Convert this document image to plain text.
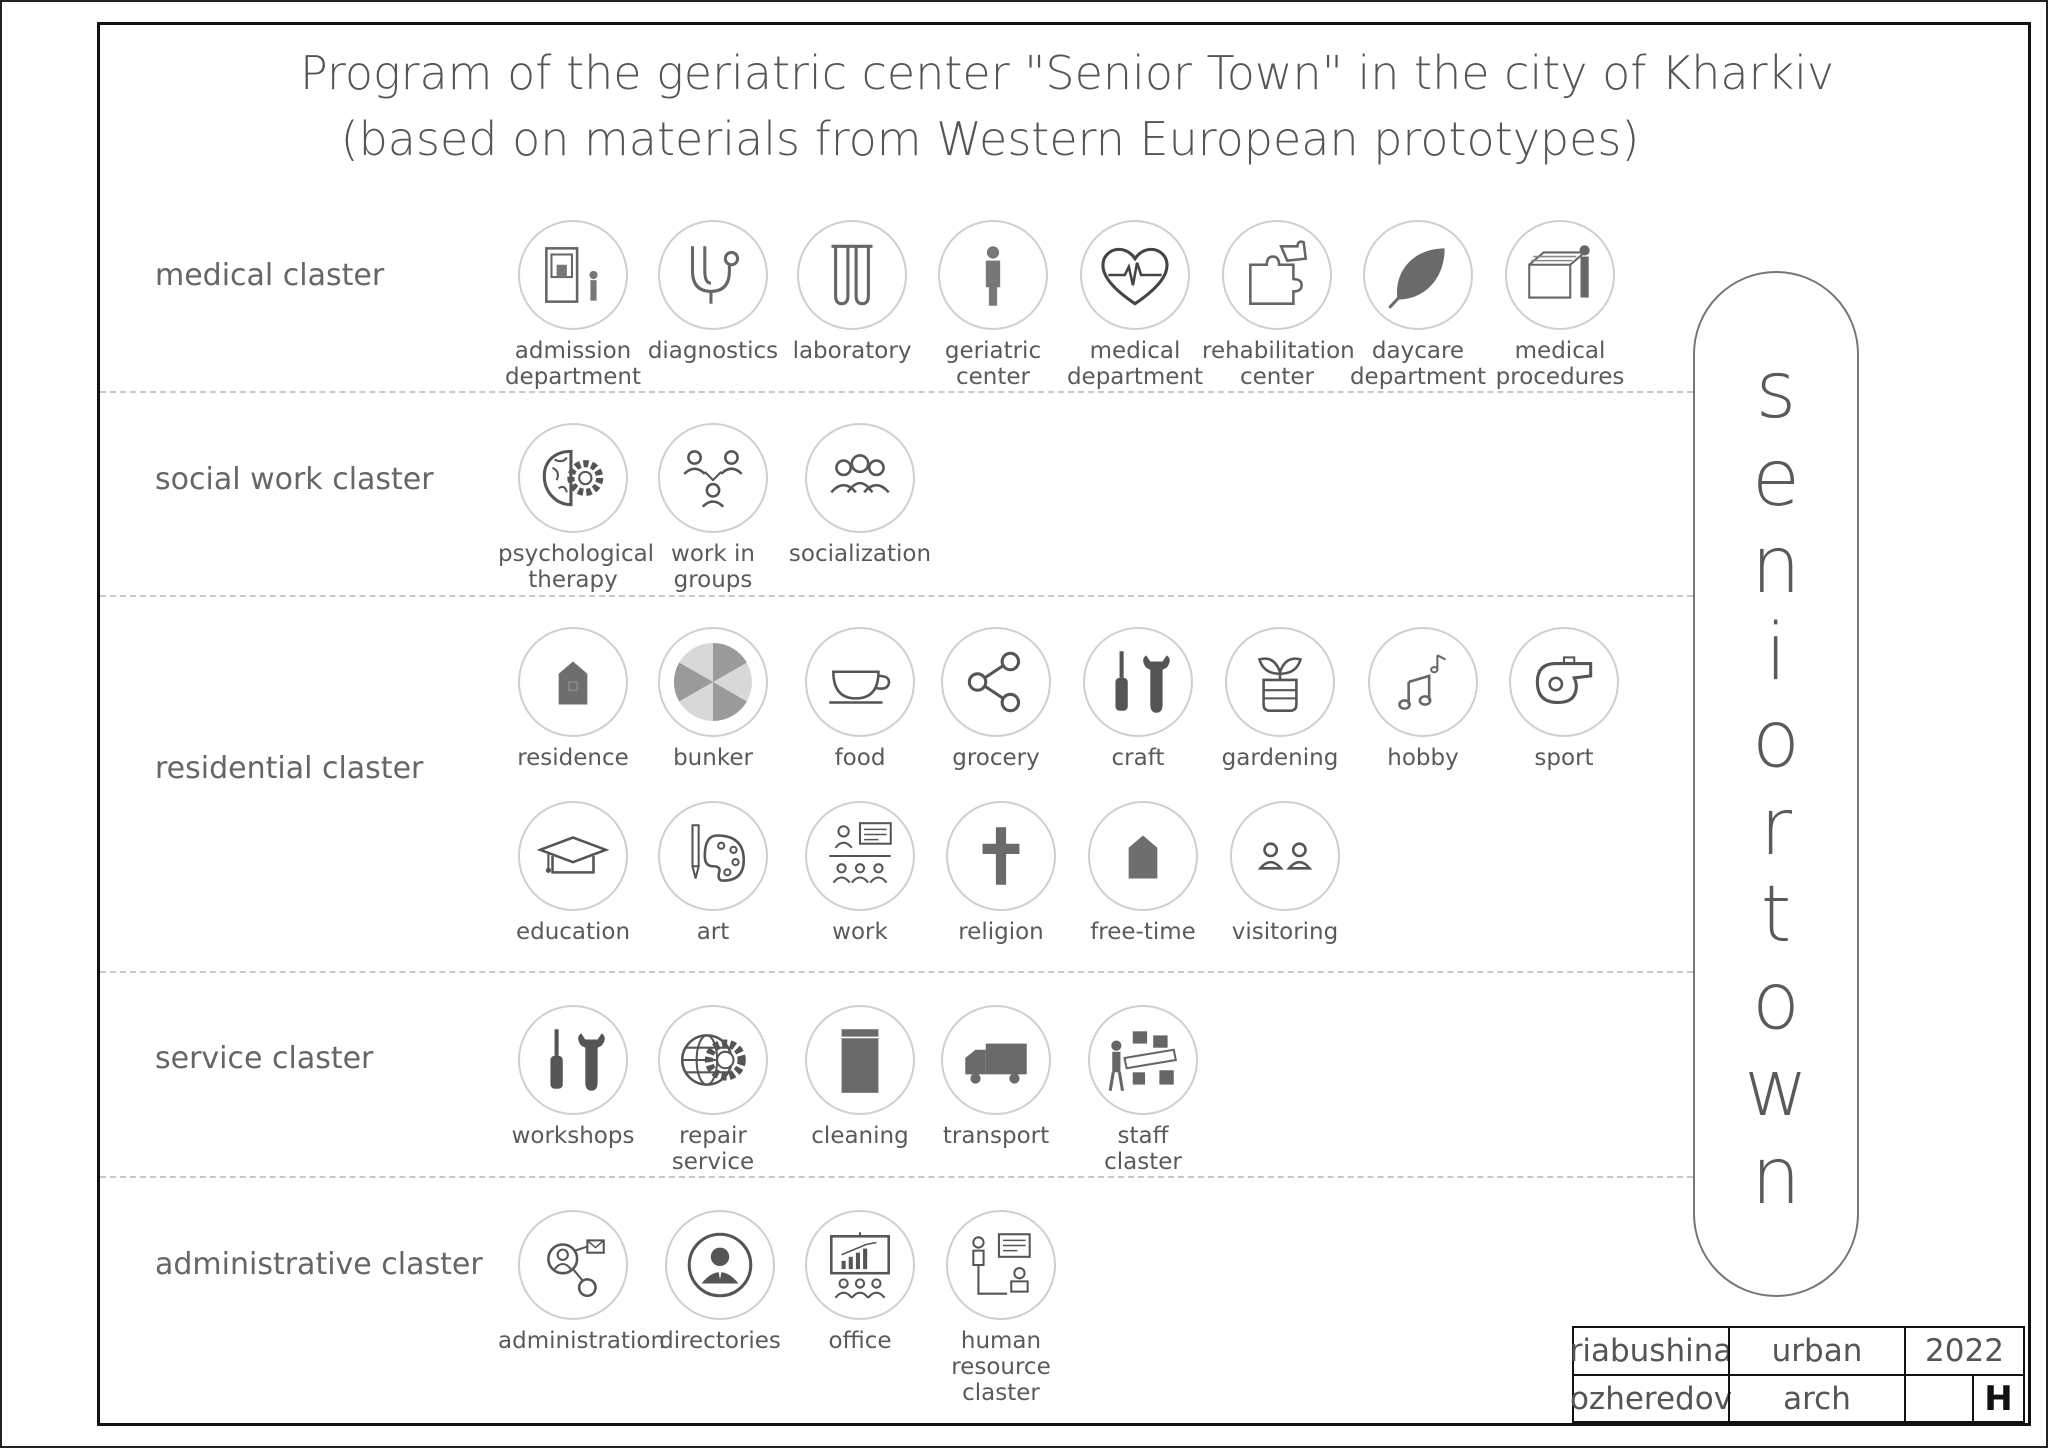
Program of the geriatric center "Senior Town" in the city of Kharkiv
(based on materials from Western European prototypes)
medical claster
social work claster
residential claster
service claster
administrative claster
admission
department
diagnostics laboratory	geriatric
center
medical
department
rehabilitation
center
daycare
department
medical
procedures
psychological
therapy
work in
groups
socialization
residence	bunker	food	grocery	craft	gardening	hobby	sport
education	art	work	religion	free-time	visitoring
workshops	repair
service
cleaning	transport	staff
claster
administration
directories	office	human resource
claster
s
e
n
i
o
r
t
o
w
n
riabushina	urban	2022
ozheredov	arch	Н
